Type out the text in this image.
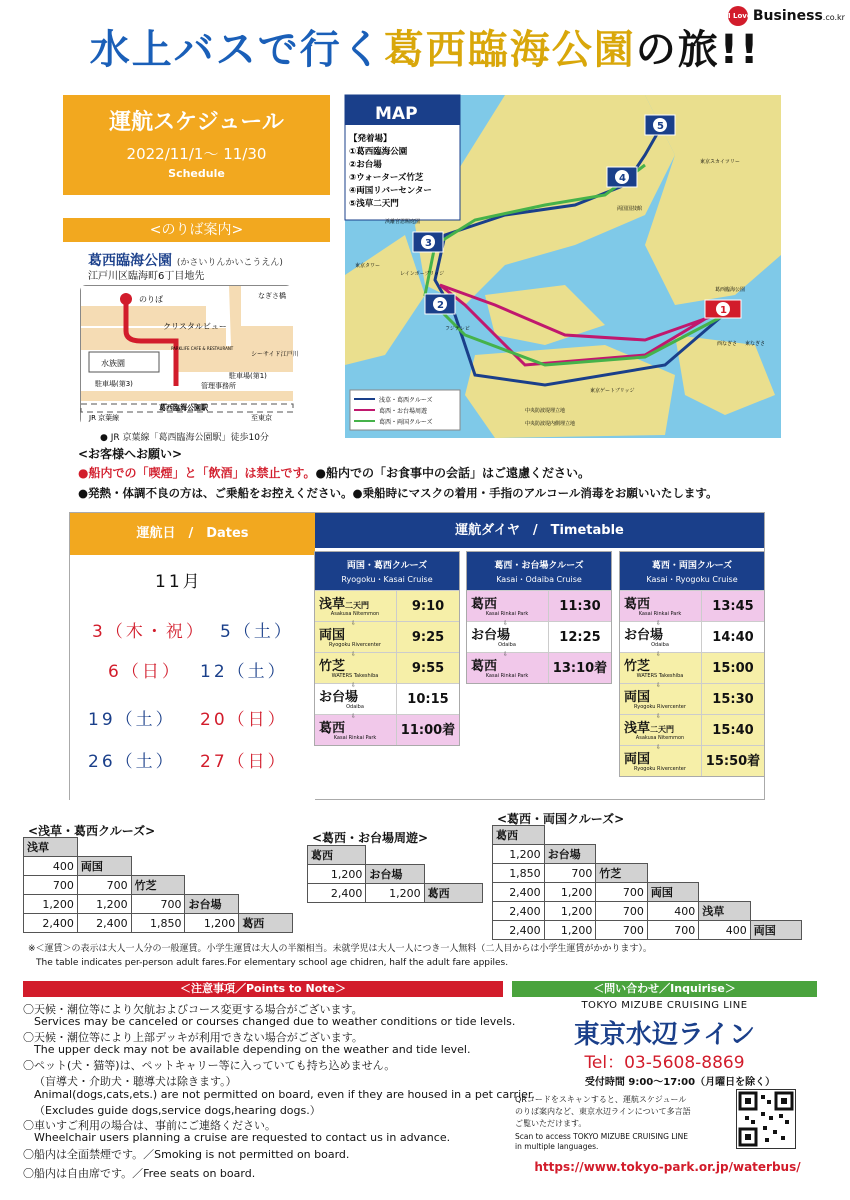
水上バスで行く葛西臨海公園の旅!!
I Love Business.co.kr
運航スケジュール
2022/11/1～ 11/30
Schedule
<のりば案内>
葛西臨海公園 (かさいりんかいこうえん)
江戸川区臨海町6丁目地先
のりば
クリスタルビュー
なぎさ橋
水族園
PARKLIFE CAFE & RESTAURANT
シーサイド江戸川
駐車場(第3)
駐車場(第1)
管理事務所
JR 京葉線
葛西臨海公園駅
至東京
● JR 京葉線「葛西臨海公園駅」徒歩10分
MAP
【発着場】
①葛西臨海公園
②お台場
③ウォーターズ竹芝
④両国リバーセンター
⑤浅草二天門
浅草・葛西クルーズ
葛西・お台場周遊
葛西・両国クルーズ
1
2
3
4
5
東京スカイツリー
両国国技館
浜離宮恩賜庭園
東京タワー
レインボーブリッジ
フジテレビ
中央防波堤埋立地
中央防波堤内側埋立地
東京ゲートブリッジ
葛西臨海公園
西なぎさ 東なぎさ
<お客様へお願い>
●船内での「喫煙」と「飲酒」は禁止です。●船内での「お食事中の会話」はご遠慮ください。
●発熱・体調不良の方は、ご乗船をお控えください。●乗船時にマスクの着用・手指のアルコール消毒をお願いいたします。
運航日　/　Dates	運航ダイヤ　/　Timetable
11月
3（木・祝） 5（土）
6（日） 12（土）
19（土） 20（日）
26（土） 27（日）
両国・葛西クルーズ
Ryogoku・Kasai Cruise
浅草二天門
Asakusa Nitemmon	9:10
⇩
両国
Ryogoku Rivercenter	9:25
⇩
竹芝
WATERS Takeshiba	9:55
⇩
お台場
Odaiba	10:15
⇩
葛西
Kasai Rinkai Park	11:00着
葛西・お台場クルーズ
Kasai・Odaiba Cruise
葛西
Kasai Rinkai Park	11:30
⇩
お台場
Odaiba	12:25
⇩
葛西
Kasai Rinkai Park	13:10着
葛西・両国クルーズ
Kasai・Ryogoku Cruise
葛西
Kasai Rinkai Park	13:45
⇩
お台場
Odaiba	14:40
⇩
竹芝
WATERS Takeshiba	15:00
⇩
両国
Ryogoku Rivercenter	15:30
⇩
浅草二天門
Asakusa Nitemmon	15:40
⇩
両国
Ryogoku Rivercenter	15:50着
<浅草・葛西クルーズ>
浅草				
400	両国			
700	700	竹芝		
1,200	1,200	700	お台場	
2,400	2,400	1,850	1,200	葛西
<葛西・お台場周遊>
葛西		
1,200	お台場	
2,400	1,200	葛西
<葛西・両国クルーズ>
葛西					
1,200	お台場				
1,850	700	竹芝			
2,400	1,200	700	両国		
2,400	1,200	700	400	浅草	
2,400	1,200	700	700	400	両国
※＜運賃＞の表示は大人一人分の一般運賃。小学生運賃は大人の半額相当。未就学児は大人一人につき一人無料（二人目からは小学生運賃がかかります）。
The table indicates per-person adult fares.For elementary school age chidren, half the adult fare appiles.
＜注意事項／Points to Note＞
〇天候・潮位等により欠航およびコース変更する場合がございます。
Services may be canceled or courses changed due to weather conditions or tide levels.
〇天候・潮位等により上部デッキが利用できない場合がございます。
The upper deck may not be available depending on the weather and tide level.
〇ペット(犬・猫等)は、ペットキャリー等に入っていても持ち込めません。
（盲導犬・介助犬・聴導犬は除きます。）
Animal(dogs,cats,ets.) are not permitted on board, even if they are housed in a pet carrier.
（Excludes guide dogs,service dogs,hearing dogs.）
〇車いすご利用の場合は、事前にご連絡ください。
Wheelchair users planning a cruise are requested to contact us in advance.
〇船内は全面禁煙です。／Smoking is not permitted on board.
〇船内は自由席です。／Free seats on board.
＜問い合わせ／Inquirise＞
TOKYO MIZUBE CRUISING LINE
東京水辺ライン
Tel：03-5608-8869
受付時間 9:00～17:00（月曜日を除く）
QRコードをスキャンすると、運航スケジュール
のりば案内など、東京水辺ラインについて多言語
ご覧いただけます。
Scan to access TOKYO MIZUBE CRUISING LINE
in multiple languages.
https://www.tokyo-park.or.jp/waterbus/
